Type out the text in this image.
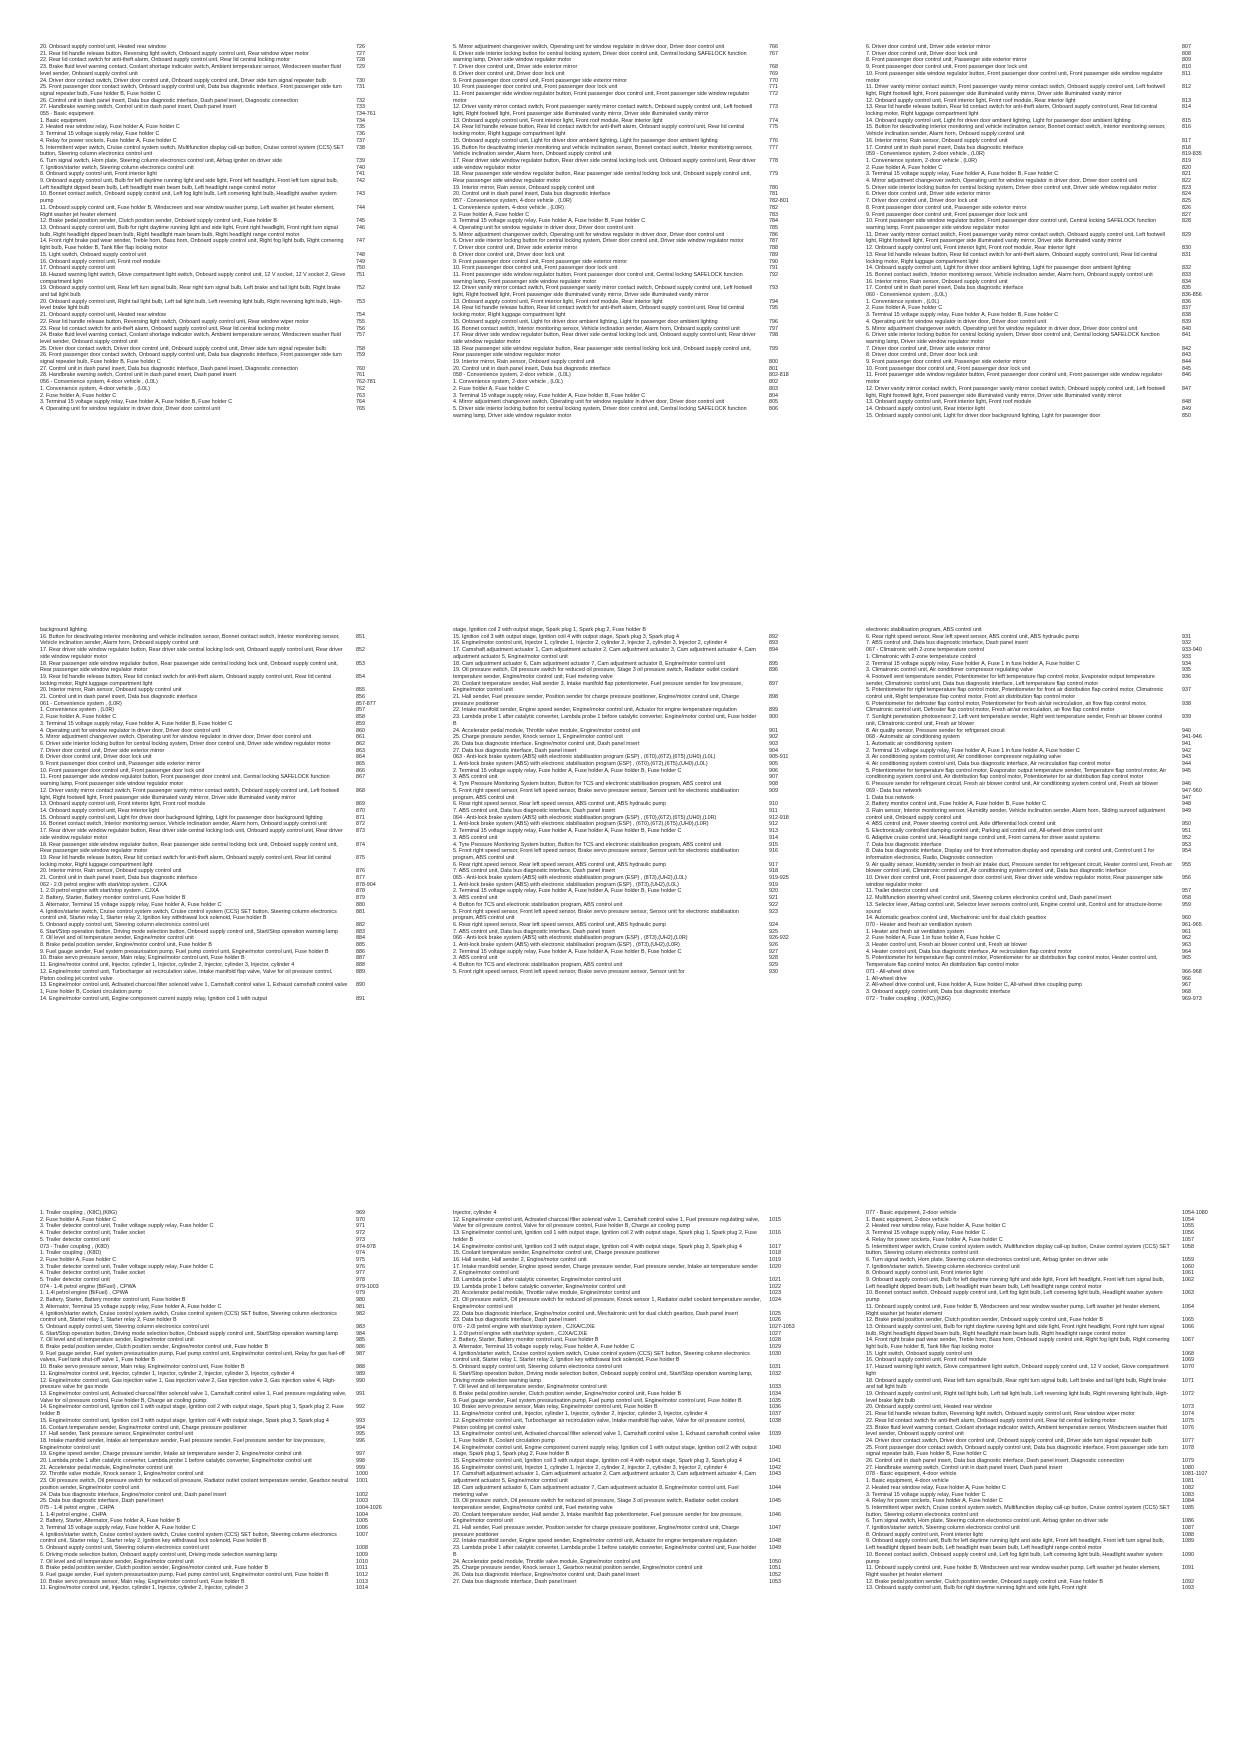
20. Onboard supply control unit, Heated rear window	726
21. Rear lid handle release button, Reversing light switch, Onboard supply control unit, Rear window wiper motor	727
22. Rear lid contact switch for anti-theft alarm, Onboard supply control unit, Rear lid central locking motor	728
23. Brake fluid level warning contact, Coolant shortage indicator switch, Ambient temperature sensor, Windscreen washer fluid level sender, Onboard supply control unit
729
24. Driver door contact switch, Driver door control unit, Onboard supply control unit, Driver side turn signal repeater bulb	730
25. Front passenger door contact switch, Onboard supply control unit, Data bus diagnostic interface, Front passenger side turn signal repeater bulb, Fuse holder B, Fuse holder C
731
26. Control unit in dash panel insert, Data bus diagnostic interface, Dash panel insert, Diagnostic connection	732
27. Handbrake warning switch, Control unit in dash panel insert, Dash panel insert	733
055 - Basic equipment	734-761
1. Basic equipment	734
2. Heated rear window relay, Fuse holder A, Fuse holder C	735
3. Terminal 15 voltage supply relay, Fuse holder C	736
4. Relay for power sockets, Fuse holder A, Fuse holder C	737
5. Intermittent wiper switch, Cruise control system switch, Multifunction display call-up button, Cruise control system (CCS) SET button, Steering column electronics control unit
738
6. Turn signal switch, Horn plate, Steering column electronics control unit, Airbag igniter on driver side	739
7. Ignition/starter switch, Steering column electronics control unit	740
8. Onboard supply control unit, Front interior light	741
9. Onboard supply control unit, Bulb for left daytime running light and side light, Front left headlight, Front left turn signal bulb, Left headlight dipped beam bulb, Left headlight main beam bulb, Left headlight range control motor
742
10. Bonnet contact switch, Onboard supply control unit, Left fog light bulb, Left cornering light bulb, Headlight washer system pump
743
11. Onboard supply control unit, Fuse holder B, Windscreen and rear window washer pump, Left washer jet heater element, Right washer jet heater element
744
12. Brake pedal position sender, Clutch position sender, Onboard supply control unit, Fuse holder B	745
13. Onboard supply control unit, Bulb for right daytime running light and side light, Front right headlight, Front right turn signal bulb, Right headlight dipped beam bulb, Right headlight main beam bulb, Right headlight range control motor
746
14. Front right brake pad wear sender, Treble horn, Bass horn, Onboard supply control unit, Right fog light bulb, Right cornering light bulb, Fuse holder B, Tank filler flap locking motor
747
15. Light switch, Onboard supply control unit	748
16. Onboard supply control unit, Front roof module	749
17. Onboard supply control unit	750
18. Hazard warning light switch, Glove compartment light switch, Onboard supply control unit, 12 V socket, 12 V socket 2, Glove compartment light
751
19. Onboard supply control unit, Rear left turn signal bulb, Rear right turn signal bulb, Left brake and tail light bulb, Right brake and tail light bulb
752
20. Onboard supply control unit, Right tail light bulb, Left tail light bulb, Left reversing light bulb, Right reversing light bulb, High-level brake light bulb
753
21. Onboard supply control unit, Heated rear window	754
22. Rear lid handle release button, Reversing light switch, Onboard supply control unit, Rear window wiper motor	755
23. Rear lid contact switch for anti-theft alarm, Onboard supply control unit, Rear lid central locking motor	756
24. Brake fluid level warning contact, Coolant shortage indicator switch, Ambient temperature sensor, Windscreen washer fluid level sender, Onboard supply control unit
757
25. Driver door contact switch, Driver door control unit, Onboard supply control unit, Driver side turn signal repeater bulb	758
26. Front passenger door contact switch, Onboard supply control unit, Data bus diagnostic interface, Front passenger side turn signal repeater bulb, Fuse holder B, Fuse holder C
759
27. Control unit in dash panel insert, Data bus diagnostic interface, Dash panel insert, Diagnostic connection	760
28. Handbrake warning switch, Control unit in dash panel insert, Dash panel insert	761
056 - Convenience system, 4-door vehicle , (L0L)	762-781
1. Convenience system, 4-door vehicle , (L0L)	762
2. Fuse holder A, Fuse holder C	763
3. Terminal 15 voltage supply relay, Fuse holder A, Fuse holder B, Fuse holder C	764
4. Operating unit for window regulator in driver door, Driver door control unit	765
5. Mirror adjustment changeover switch, Operating unit for window regulator in driver door, Driver door control unit	766
6. Driver side interior locking button for central locking system, Driver door control unit, Central locking SAFELOCK function warning lamp, Driver side window regulator motor
767
7. Driver door control unit, Driver side exterior mirror	768
8. Driver door control unit, Driver door lock unit	769
9. Front passenger door control unit, Front passenger side exterior mirror	770
10. Front passenger door control unit, Front passenger door lock unit	771
11. Front passenger side window regulator button, Front passenger door control unit, Front passenger side window regulator motor
772
12. Driver vanity mirror contact switch, Front passenger vanity mirror contact switch, Onboard supply control unit, Left footwell light, Right footwell light, Front passenger side illuminated vanity mirror, Driver side illuminated vanity mirror
773
13. Onboard supply control unit, Front interior light, Front roof module, Rear interior light	774
14. Rear lid handle release button, Rear lid contact switch for anti-theft alarm, Onboard supply control unit, Rear lid central locking motor, Right luggage compartment light
775
15. Onboard supply control unit, Light for driver door ambient lighting, Light for passenger door ambient lighting	776
16. Button for deactivating interior monitoring and vehicle inclination sensor, Bonnet contact switch, Interior monitoring sensor, Vehicle inclination sender, Alarm horn, Onboard supply control unit
777
17. Rear driver side window regulator button, Rear driver side central locking lock unit, Onboard supply control unit, Rear driver side window regulator motor
778
18. Rear passenger side window regulator button, Rear passenger side central locking lock unit, Onboard supply control unit, Rear passenger side window regulator motor
779
19. Interior mirror, Rain sensor, Onboard supply control unit	780
20. Control unit in dash panel insert, Data bus diagnostic interface	781
057 - Convenience system, 4-door vehicle , (L0R)	782-801
1. Convenience system, 4-door vehicle , (L0R)	782
2. Fuse holder A, Fuse holder C	783
3. Terminal 15 voltage supply relay, Fuse holder A, Fuse holder B, Fuse holder C	784
4. Operating unit for window regulator in driver door, Driver door control unit	785
5. Mirror adjustment changeover switch, Operating unit for window regulator in driver door, Driver door control unit	786
6. Driver side interior locking button for central locking system, Driver door control unit, Driver side window regulator motor	787
7. Driver door control unit, Driver side exterior mirror	788
8. Driver door control unit, Driver door lock unit	789
9. Front passenger door control unit, Front passenger side exterior mirror	790
10. Front passenger door control unit, Front passenger door lock unit	791
11. Front passenger side window regulator button, Front passenger door control unit, Central locking SAFELOCK function warning lamp, Front passenger side window regulator motor
792
12. Driver vanity mirror contact switch, Front passenger vanity mirror contact switch, Onboard supply control unit, Left footwell light, Right footwell light, Front passenger side illuminated vanity mirror, Driver side illuminated vanity mirror
793
13. Onboard supply control unit, Front interior light, Front roof module, Rear interior light	794
14. Rear lid handle release button, Rear lid contact switch for anti-theft alarm, Onboard supply control unit, Rear lid central locking motor, Right luggage compartment light
795
15. Onboard supply control unit, Light for driver door ambient lighting, Light for passenger door ambient lighting	796
16. Bonnet contact switch, Interior monitoring sensor, Vehicle inclination sender, Alarm horn, Onboard supply control unit	797
17. Rear driver side window regulator button, Rear driver side central locking lock unit, Onboard supply control unit, Rear driver side window regulator motor
798
18. Rear passenger side window regulator button, Rear passenger side central locking lock unit, Onboard supply control unit, Rear passenger side window regulator motor
799
19. Interior mirror, Rain sensor, Onboard supply control unit	800
20. Control unit in dash panel insert, Data bus diagnostic interface	801
058 - Convenience system, 2-door vehicle , (L0L)	802-818
1. Convenience system, 2-door vehicle , (L0L)	802
2. Fuse holder A, Fuse holder C	803
3. Terminal 15 voltage supply relay, Fuse holder A, Fuse holder B, Fuse holder C	804
4. Mirror adjustment changeover switch, Operating unit for window regulator in driver door, Driver door control unit	805
5. Driver side interior locking button for central locking system, Driver door control unit, Central locking SAFELOCK function warning lamp, Driver side window regulator motor
806
6. Driver door control unit, Driver side exterior mirror	807
7. Driver door control unit, Driver door lock unit	808
8. Front passenger door control unit, Passenger side exterior mirror	809
9. Front passenger door control unit, Front passenger door lock unit	810
10. Front passenger side window regulator button, Front passenger door control unit, Front passenger side window regulator motor
811
11. Driver vanity mirror contact switch, Front passenger vanity mirror contact switch, Onboard supply control unit, Left footwell light, Right footwell light, Front passenger side illuminated vanity mirror, Driver side illuminated vanity mirror
812
12. Onboard supply control unit, Front interior light, Front roof module, Rear interior light	813
13. Rear lid handle release button, Rear lid contact switch for anti-theft alarm, Onboard supply control unit, Rear lid central locking motor, Right luggage compartment light
814
14. Onboard supply control unit, Light for driver door ambient lighting, Light for passenger door ambient lighting	815
15. Button for deactivating interior monitoring and vehicle inclination sensor, Bonnet contact switch, Interior monitoring sensor, Vehicle inclination sender, Alarm horn, Onboard supply control unit
816
16. Interior mirror, Rain sensor, Onboard supply control unit	817
17. Control unit in dash panel insert, Data bus diagnostic interface	818
059 - Convenience system, 2-door vehicle , (L0R)	819-835
1. Convenience system, 2-door vehicle , (L0R)	819
2. Fuse holder A, Fuse holder C	820
3. Terminal 15 voltage supply relay, Fuse holder A, Fuse holder B, Fuse holder C	821
4. Mirror adjustment changeover switch, Operating unit for window regulator in driver door, Driver door control unit	822
5. Driver side interior locking button for central locking system, Driver door control unit, Driver side window regulator motor	823
6. Driver door control unit, Driver side exterior mirror	824
7. Driver door control unit, Driver door lock unit	825
8. Front passenger door control unit, Passenger side exterior mirror	826
9. Front passenger door control unit, Front passenger door lock unit	827
10. Front passenger side window regulator button, Front passenger door control unit, Central locking SAFELOCK function warning lamp, Front passenger side window regulator motor
828
11. Driver vanity mirror contact switch, Front passenger vanity mirror contact switch, Onboard supply control unit, Left footwell light, Right footwell light, Front passenger side illuminated vanity mirror, Driver side illuminated vanity mirror
829
12. Onboard supply control unit, Front interior light, Front roof module, Rear interior light	830
13. Rear lid handle release button, Rear lid contact switch for anti-theft alarm, Onboard supply control unit, Rear lid central locking motor, Right luggage compartment light
831
14. Onboard supply control unit, Light for driver door ambient lighting, Light for passenger door ambient lighting	832
15. Bonnet contact switch, Interior monitoring sensor, Vehicle inclination sender, Alarm horn, Onboard supply control unit	833
16. Interior mirror, Rain sensor, Onboard supply control unit	834
17. Control unit in dash panel insert, Data bus diagnostic interface	835
060 - Convenience system , (L0L)	836-856
1. Convenience system , (L0L)	836
2. Fuse holder A, Fuse holder C	837
3. Terminal 15 voltage supply relay, Fuse holder A, Fuse holder B, Fuse holder C	838
4. Operating unit for window regulator in driver door, Driver door control unit	839
5. Mirror adjustment changeover switch, Operating unit for window regulator in driver door, Driver door control unit	840
6. Driver side interior locking button for central locking system, Driver door control unit, Central locking SAFELOCK function warning lamp, Driver side window regulator motor
841
7. Driver door control unit, Driver side exterior mirror	842
8. Driver door control unit, Driver door lock unit	843
9. Front passenger door control unit, Passenger side exterior mirror	844
10. Front passenger door control unit, Front passenger door lock unit	845
11. Front passenger side window regulator button, Front passenger door control unit, Front passenger side window regulator motor
846
12. Driver vanity mirror contact switch, Front passenger vanity mirror contact switch, Onboard supply control unit, Left footwell light, Right footwell light, Front passenger side illuminated vanity mirror, Driver side illuminated vanity mirror
847
13. Onboard supply control unit, Front interior light, Front roof module	848
14. Onboard supply control unit, Rear interior light	849
15. Onboard supply control unit, Light for driver door background lighting, Light for passenger door	850
background lighting
16. Button for deactivating interior monitoring and vehicle inclination sensor, Bonnet contact switch, Interior monitoring sensor, Vehicle inclination sender, Alarm horn, Onboard supply control unit
851
17. Rear driver side window regulator button, Rear driver side central locking lock unit, Onboard supply control unit, Rear driver side window regulator motor
852
18. Rear passenger side window regulator button, Rear passenger side central locking lock unit, Onboard supply control unit, Rear passenger side window regulator motor
853
19. Rear lid handle release button, Rear lid contact switch for anti-theft alarm, Onboard supply control unit, Rear lid central locking motor, Right luggage compartment light
854
20. Interior mirror, Rain sensor, Onboard supply control unit	855
21. Control unit in dash panel insert, Data bus diagnostic interface	856
061 - Convenience system , (L0R)	857-877
1. Convenience system , (L0R)	857
2. Fuse holder A, Fuse holder C	858
3. Terminal 15 voltage supply relay, Fuse holder A, Fuse holder B, Fuse holder C	859
4. Operating unit for window regulator in driver door, Driver door control unit	860
5. Mirror adjustment changeover switch, Operating unit for window regulator in driver door, Driver door control unit	861
6. Driver side interior locking button for central locking system, Driver door control unit, Driver side window regulator motor	862
7. Driver door control unit, Driver side exterior mirror	863
8. Driver door control unit, Driver door lock unit	864
9. Front passenger door control unit, Passenger side exterior mirror	865
10. Front passenger door control unit, Front passenger door lock unit	866
11. Front passenger side window regulator button, Front passenger door control unit, Central locking SAFELOCK function warning lamp, Front passenger side window regulator motor
867
12. Driver vanity mirror contact switch, Front passenger vanity mirror contact switch, Onboard supply control unit, Left footwell light, Right footwell light, Front passenger side illuminated vanity mirror, Driver side illuminated vanity mirror
868
13. Onboard supply control unit, Front interior light, Front roof module	869
14. Onboard supply control unit, Rear interior light	870
15. Onboard supply control unit, Light for driver door background lighting, Light for passenger door background lighting	871
16. Bonnet contact switch, Interior monitoring sensor, Vehicle inclination sender, Alarm horn, Onboard supply control unit	872
17. Rear driver side window regulator button, Rear driver side central locking lock unit, Onboard supply control unit, Rear driver side window regulator motor
873
18. Rear passenger side window regulator button, Rear passenger side central locking lock unit, Onboard supply control unit, Rear passenger side window regulator motor
874
19. Rear lid handle release button, Rear lid contact switch for anti-theft alarm, Onboard supply control unit, Rear lid central locking motor, Right luggage compartment light
875
20. Interior mirror, Rain sensor, Onboard supply control unit	876
21. Control unit in dash panel insert, Data bus diagnostic interface	877
062 - 2.0l petrol engine with start/stop system , CJXA	878-904
1. 2.0l petrol engine with start/stop system , CJXA	878
2. Battery, Starter, Battery monitor control unit, Fuse holder B	879
3. Alternator, Terminal 15 voltage supply relay, Fuse holder A, Fuse holder C	880
4. Ignition/starter switch, Cruise control system switch, Cruise control system (CCS) SET button, Steering column electronics control unit, Starter relay 1, Starter relay 2, Ignition key withdrawal lock solenoid, Fuse holder B
881
5. Onboard supply control unit, Steering column electronics control unit	882
6. Start/Stop operation button, Driving mode selection button, Onboard supply control unit, Start/Stop operation warning lamp	883
7. Oil level and oil temperature sender, Engine/motor control unit	884
8. Brake pedal position sender, Engine/motor control unit, Fuse holder B	885
9. Fuel gauge sender, Fuel system pressurisation pump, Fuel pump control unit, Engine/motor control unit, Fuse holder B	886
10. Brake servo pressure sensor, Main relay, Engine/motor control unit, Fuse holder B	887
11. Engine/motor control unit, Injector, cylinder 1, Injector, cylinder 2, Injector, cylinder 3, Injector, cylinder 4	888
12. Engine/motor control unit, Turbocharger air recirculation valve, Intake manifold flap valve, Valve for oil pressure control, Piston cooling jet control valve
889
13. Engine/motor control unit, Activated charcoal filter solenoid valve 1, Camshaft control valve 1, Exhaust camshaft control valve 1, Fuse holder B, Coolant circulation pump
890
14. Engine/motor control unit, Engine component current supply relay, Ignition coil 1 with output	891
stage, Ignition coil 2 with output stage, Spark plug 1, Spark plug 2, Fuse holder B
15. Ignition coil 3 with output stage, Ignition coil 4 with output stage, Spark plug 3, Spark plug 4	892
16. Engine/motor control unit, Injector 1, cylinder 1, Injector 2, cylinder 2, Injector 2, cylinder 3, Injector 2, cylinder 4	893
17. Camshaft adjustment actuator 1, Cam adjustment actuator 2, Cam adjustment actuator 3, Cam adjustment actuator 4, Cam adjustment actuator 5, Engine/motor control unit
894
18. Cam adjustment actuator 6, Cam adjustment actuator 7, Cam adjustment actuator 8, Engine/motor control unit	895
19. Oil pressure switch, Oil pressure switch for reduced oil pressure, Stage 3 oil pressure switch, Radiator outlet coolant temperature sender, Engine/motor control unit, Fuel metering valve
896
20. Coolant temperature sender, Hall sender 3, Intake manifold flap potentiometer, Fuel pressure sender for low pressure, Engine/motor control unit
897
21. Hall sender, Fuel pressure sender, Position sender for charge pressure positioner, Engine/motor control unit, Charge pressure positioner
898
22. Intake manifold sender, Engine speed sender, Engine/motor control unit, Actuator for engine temperature regulation	899
23. Lambda probe 1 after catalytic converter, Lambda probe 1 before catalytic converter, Engine/motor control unit, Fuse holder B
900
24. Accelerator pedal module, Throttle valve module, Engine/motor control unit	901
25. Charge pressure sender, Knock sensor 1, Engine/motor control unit	902
26. Data bus diagnostic interface, Engine/motor control unit, Dash panel insert	903
27. Data bus diagnostic interface, Dash panel insert	904
063 - Anti-lock brake system (ABS) with electronic stabilisation program (ESP) , (6T0),(6T2),(6T5),(UH0),(L0L)	905-911
1. Anti-lock brake system (ABS) with electronic stabilisation program (ESP) , (6T0),(6T2),(6T5),(UH0),(L0L)	905
2. Terminal 15 voltage supply relay, Fuse holder A, Fuse holder A, Fuse holder B, Fuse holder C	906
3. ABS control unit	907
4. Tyre Pressure Monitoring System button, Button for TCS and electronic stabilisation program, ABS control unit	908
5. Front right speed sensor, Front left speed sensor, Brake servo pressure sensor, Sensor unit for electronic stabilisation program, ABS control unit
909
6. Rear right speed sensor, Rear left speed sensor, ABS control unit, ABS hydraulic pump	910
7. ABS control unit, Data bus diagnostic interface, Dash panel insert	911
064 - Anti-lock brake system (ABS) with electronic stabilisation program (ESP) , (6T0),(6T2),(6T5),(UH0),(L0R)	912-918
1. Anti-lock brake system (ABS) with electronic stabilisation program (ESP) , (6T0),(6T2),(6T5),(UH0),(L0R)	912
2. Terminal 15 voltage supply relay, Fuse holder A, Fuse holder A, Fuse holder B, Fuse holder C	913
3. ABS control unit	914
4. Tyre Pressure Monitoring System button, Button for TCS and electronic stabilisation program, ABS control unit	915
5. Front right speed sensor, Front left speed sensor, Brake servo pressure sensor, Sensor unit for electronic stabilisation program, ABS control unit
916
6. Rear right speed sensor, Rear left speed sensor, ABS control unit, ABS hydraulic pump	917
7. ABS control unit, Data bus diagnostic interface, Dash panel insert	918
065 - Anti-lock brake system (ABS) with electronic stabilisation program (ESP) , (8T3),(UH2),(L0L)	919-925
1. Anti-lock brake system (ABS) with electronic stabilisation program (ESP) , (8T3),(UH2),(L0L)	919
2. Terminal 15 voltage supply relay, Fuse holder A, Fuse holder A, Fuse holder B, Fuse holder C	920
3. ABS control unit	921
4. Button for TCS and electronic stabilisation program, ABS control unit	922
5. Front right speed sensor, Front left speed sensor, Brake servo pressure sensor, Sensor unit for electronic stabilisation program, ABS control unit
923
6. Rear right speed sensor, Rear left speed sensor, ABS control unit, ABS hydraulic pump	924
7. ABS control unit, Data bus diagnostic interface, Dash panel insert	925
066 - Anti-lock brake system (ABS) with electronic stabilisation program (ESP) , (8T3),(UH2),(L0R)	926-932
1. Anti-lock brake system (ABS) with electronic stabilisation program (ESP) , (8T3),(UH2),(L0R)	926
2. Terminal 15 voltage supply relay, Fuse holder A, Fuse holder A, Fuse holder B, Fuse holder C	927
3. ABS control unit	928
4. Button for TCS and electronic stabilisation program, ABS control unit	929
5. Front right speed sensor, Front left speed sensor, Brake servo pressure sensor, Sensor unit for	930
electronic stabilisation program, ABS control unit
6. Rear right speed sensor, Rear left speed sensor, ABS control unit, ABS hydraulic pump	931
7. ABS control unit, Data bus diagnostic interface, Dash panel insert	932
067 - Climatronic with 2-zone temperature control	933-940
1. Climatronic with 2-zone temperature control	933
2. Terminal 15 voltage supply relay, Fuse holder A, Fuse 1 in fuse holder A, Fuse holder C	934
3. Climatronic control unit, Air conditioner compressor regulating valve	935
4. Footwell vent temperature sender, Potentiometer for left temperature flap control motor, Evaporator output temperature sender, Climatronic control unit, Data bus diagnostic interface, Left temperature flap control motor
936
5. Potentiometer for right temperature flap control motor, Potentiometer for front air distribution flap control motor, Climatronic control unit, Right temperature flap control motor, Front air distribution flap control motor
937
6. Potentiometer for defroster flap control motor, Potentiometer for fresh air/air recirculation, air flow flap control motor, Climatronic control unit, Defroster flap control motor, Fresh air/air recirculation, air flow flap control motor
938
7. Sunlight penetration photosensor 2, Left vent temperature sender, Right vent temperature sender, Fresh air blower control unit, Climatronic control unit, Fresh air blower
939
8. Air quality sensor, Pressure sender for refrigerant circuit	940
068 - Automatic air conditioning system	941-946
1. Automatic air conditioning system	941
2. Terminal 15 voltage supply relay, Fuse holder A, Fuse 1 in fuse holder A, Fuse holder C	942
3. Air conditioning system control unit, Air conditioner compressor regulating valve	943
4. Air conditioning system control unit, Data bus diagnostic interface, Air recirculation flap control motor	944
5. Potentiometer for temperature flap control motor, Evaporator output temperature sender, Temperature flap control motor, Air conditioning system control unit, Air distribution flap control motor, Potentiometer for air distribution flap control motor
945
6. Pressure sender for refrigerant circuit, Fresh air blower control unit, Air conditioning system control unit, Fresh air blower	946
069 - Data bus network	947-960
1. Data bus network	947
2. Battery monitor control unit, Fuse holder A, Fuse holder B, Fuse holder C	948
3. Rain sensor, Interior monitoring sensor, Humidity sender, Vehicle inclination sender, Alarm horn, Sliding sunroof adjustment control unit, Onboard supply control unit
949
4. ABS control unit, Power steering control unit, Axle differential lock control unit	950
5. Electronically controlled damping control unit, Parking aid control unit, All-wheel drive control unit	951
6. Adaptive cruise control unit, Headlight range control unit, Front camera for driver assist systems	952
7. Data bus diagnostic interface	953
8. Data bus diagnostic interface, Display unit for front information display and operating unit control unit, Control unit 1 for information electronics, Radio, Diagnostic connection
954
9. Air quality sensor, Humidity sender in fresh air intake duct, Pressure sender for refrigerant circuit, Heater control unit, Fresh air blower control unit, Climatronic control unit, Air conditioning system control unit, Data bus diagnostic interface
955
10. Driver door control unit, Front passenger door control unit, Rear driver side window regulator motor, Rear passenger side window regulator motor
956
11. Trailer detector control unit	957
12. Multifunction steering wheel control unit, Steering column electronics control unit, Dash panel insert	958
13. Selector lever, Airbag control unit, Selector lever sensors control unit, Engine control unit, Control unit for structure-borne sound
959
14. Automatic gearbox control unit, Mechatronic unit for dual clutch gearbox	960
070 - Heater and fresh air ventilation system	961-965
1. Heater and fresh air ventilation system	961
2. Fuse holder A, Fuse 1 in fuse holder A, Fuse holder C	962
3. Heater control unit, Fresh air blower control unit, Fresh air blower	963
4. Heater control unit, Data bus diagnostic interface, Air recirculation flap control motor	964
5. Potentiometer for temperature flap control motor, Potentiometer for air distribution flap control motor, Heater control unit, Temperature flap control motor, Air distribution flap control motor
965
071 - All-wheel drive	966-968
1. All-wheel drive	966
2. All-wheel drive control unit, Fuse holder A, Fuse holder C, All-wheel drive coupling pump	967
3. Onboard supply control unit, Data bus diagnostic interface	968
072 - Trailer coupling , (K8C),(K8G)	969-973
1. Trailer coupling , (K8C),(K8G)	969
2. Fuse holder A, Fuse holder C	970
3. Trailer detector control unit, Trailer voltage supply relay, Fuse holder C	971
4. Trailer detector control unit, Trailer socket	972
5. Trailer detector control unit	973
073 - Trailer coupling , (K8D)	974-978
1. Trailer coupling , (K8D)	974
2. Fuse holder A, Fuse holder C	975
3. Trailer detector control unit, Trailer voltage supply relay, Fuse holder C	976
4. Trailer detector control unit, Trailer socket	977
5. Trailer detector control unit	978
074 - 1.4l petrol engine (BiFuel) , CPWA	979-1003
1. 1.4l petrol engine (BiFuel) , CPWA	979
2. Battery, Starter, Battery monitor control unit, Fuse holder B	980
3. Alternator, Terminal 15 voltage supply relay, Fuse holder A, Fuse holder C	981
4. Ignition/starter switch, Cruise control system switch, Cruise control system (CCS) SET button, Steering column electronics control unit, Starter relay 1, Starter relay 2, Fuse holder B
982
5. Onboard supply control unit, Steering column electronics control unit	983
6. Start/Stop operation button, Driving mode selection button, Onboard supply control unit, Start/Stop operation warning lamp	984
7. Oil level and oil temperature sender, Engine/motor control unit	985
8. Brake pedal position sender, Clutch position sender, Engine/motor control unit, Fuse holder B	986
9. Fuel gauge sender, Fuel system pressurisation pump, Fuel pump control unit, Engine/motor control unit, Relay for gas fuel-off valves, Fuel tank shut-off valve 1, Fuse holder B
987
10. Brake servo pressure sensor, Main relay, Engine/motor control unit, Fuse holder B	988
11. Engine/motor control unit, Injector, cylinder 1, Injector, cylinder 2, Injector, cylinder 3, Injector, cylinder 4	989
12. Engine/motor control unit, Gas injection valve 1, Gas injection valve 2, Gas injection valve 3, Gas injection valve 4, High-pressure valve for gas mode
990
13. Engine/motor control unit, Activated charcoal filter solenoid valve 1, Camshaft control valve 1, Fuel pressure regulating valve, Valve for oil pressure control, Fuse holder B, Charge air cooling pump
991
14. Engine/motor control unit, Ignition coil 1 with output stage, Ignition coil 2 with output stage, Spark plug 1, Spark plug 2, Fuse holder B
992
15. Engine/motor control unit, Ignition coil 3 with output stage, Ignition coil 4 with output stage, Spark plug 3, Spark plug 4	993
16. Coolant temperature sender, Engine/motor control unit, Charge pressure positioner	994
17. Hall sender, Tank pressure sensor, Engine/motor control unit	995
18. Intake manifold sender, Intake air temperature sender, Fuel pressure sender, Fuel pressure sender for low pressure, Engine/motor control unit
996
19. Engine speed sender, Charge pressure sender, Intake air temperature sender 2, Engine/motor control unit	997
20. Lambda probe 1 after catalytic converter, Lambda probe 1 before catalytic converter, Engine/motor control unit	998
21. Accelerator pedal module, Engine/motor control unit	999
22. Throttle valve module, Knock sensor 1, Engine/motor control unit	1000
23. Oil pressure switch, Oil pressure switch for reduced oil pressure, Radiator outlet coolant temperature sender, Gearbox neutral position sender, Engine/motor control unit
1001
24. Data bus diagnostic interface, Engine/motor control unit, Dash panel insert	1002
25. Data bus diagnostic interface, Dash panel insert	1003
075 - 1.4l petrol engine , CHPA	1004-1026
1. 1.4l petrol engine , CHPA	1004
2. Battery, Starter, Alternator, Fuse holder A, Fuse holder B	1005
3. Terminal 15 voltage supply relay, Fuse holder A, Fuse holder C	1006
4. Ignition/starter switch, Cruise control system switch, Cruise control system (CCS) SET button, Steering column electronics control unit, Starter relay 1, Starter relay 2, Ignition key withdrawal lock solenoid, Fuse holder B
1007
5. Onboard supply control unit, Steering column electronics control unit	1008
6. Driving mode selection button, Onboard supply control unit, Driving mode selection warning lamp	1009
7. Oil level and oil temperature sender, Engine/motor control unit	1010
8. Brake pedal position sender, Clutch position sender, Engine/motor control unit, Fuse holder B	1011
9. Fuel gauge sender, Fuel system pressurisation pump, Fuel pump control unit, Engine/motor control unit, Fuse holder B	1012
10. Brake servo pressure sensor, Main relay, Engine/motor control unit, Fuse holder B	1013
11. Engine/motor control unit, Injector, cylinder 1, Injector, cylinder 2, Injector, cylinder 3	1014
Injector, cylinder 4
12. Engine/motor control unit, Activated charcoal filter solenoid valve 1, Camshaft control valve 1, Fuel pressure regulating valve, Valve for oil pressure control, Valve for oil pressure control, Fuse holder B, Charge air cooling pump
1015
13. Engine/motor control unit, Ignition coil 1 with output stage, Ignition coil 2 with output stage, Spark plug 1, Spark plug 2, Fuse holder B
1016
14. Engine/motor control unit, Ignition coil 3 with output stage, Ignition coil 4 with output stage, Spark plug 3, Spark plug 4	1017
15. Coolant temperature sender, Engine/motor control unit, Charge pressure positioner	1018
16. Hall sender, Hall sender 2, Engine/motor control unit	1019
17. Intake manifold sender, Engine speed sender, Charge pressure sender, Fuel pressure sender, Intake air temperature sender 2, Engine/motor control unit
1020
18. Lambda probe 1 after catalytic converter, Engine/motor control unit	1021
19. Lambda probe 1 before catalytic converter, Engine/motor control unit	1022
20. Accelerator pedal module, Throttle valve module, Engine/motor control unit	1023
21. Oil pressure switch, Oil pressure switch for reduced oil pressure, Knock sensor 1, Radiator outlet coolant temperature sender, Engine/motor control unit
1024
22. Data bus diagnostic interface, Engine/motor control unit, Mechatronic unit for dual clutch gearbox, Dash panel insert	1025
23. Data bus diagnostic interface, Dash panel insert	1026
076 - 2.0l petrol engine with start/stop system , CJXA/CJXE	1027-1053
1. 2.0l petrol engine with start/stop system , CJXA/CJXE	1027
2. Battery, Starter, Battery monitor control unit, Fuse holder B	1028
3. Alternator, Terminal 15 voltage supply relay, Fuse holder A, Fuse holder C	1029
4. Ignition/starter switch, Cruise control system switch, Cruise control system (CCS) SET button, Steering column electronics control unit, Starter relay 1, Starter relay 2, Ignition key withdrawal lock solenoid, Fuse holder B
1030
5. Onboard supply control unit, Steering column electronics control unit	1031
6. Start/Stop operation button, Driving mode selection button, Onboard supply control unit, Start/Stop operation warning lamp, Driving mode selection warning lamp
1032
7. Oil level and oil temperature sender, Engine/motor control unit	1033
8. Brake pedal position sender, Clutch position sender, Engine/motor control unit, Fuse holder B	1034
9. Fuel gauge sender, Fuel system pressurisation pump, Fuel pump control unit, Engine/motor control unit, Fuse holder B	1035
10. Brake servo pressure sensor, Main relay, Engine/motor control unit, Fuse holder B	1036
11. Engine/motor control unit, Injector, cylinder 1, Injector, cylinder 2, Injector, cylinder 3, Injector, cylinder 4	1037
12. Engine/motor control unit, Turbocharger air recirculation valve, Intake manifold flap valve, Valve for oil pressure control, Piston cooling jet control valve
1038
13. Engine/motor control unit, Activated charcoal filter solenoid valve 1, Camshaft control valve 1, Exhaust camshaft control valve 1, Fuse holder B, Coolant circulation pump
1039
14. Engine/motor control unit, Engine component current supply relay, Ignition coil 1 with output stage, Ignition coil 2 with output stage, Spark plug 1, Spark plug 2, Fuse holder B
1040
15. Engine/motor control unit, Ignition coil 3 with output stage, Ignition coil 4 with output stage, Spark plug 3, Spark plug 4	1041
16. Engine/motor control unit, Injector 1, cylinder 1, Injector 2, cylinder 2, Injector 2, cylinder 3, Injector 2, cylinder 4	1042
17. Camshaft adjustment actuator 1, Cam adjustment actuator 2, Cam adjustment actuator 3, Cam adjustment actuator 4, Cam adjustment actuator 5, Engine/motor control unit
1043
18. Cam adjustment actuator 6, Cam adjustment actuator 7, Cam adjustment actuator 8, Engine/motor control unit, Fuel metering valve
1044
19. Oil pressure switch, Oil pressure switch for reduced oil pressure, Stage 3 oil pressure switch, Radiator outlet coolant temperature sender, Engine/motor control unit, Fuel metering valve
1045
20. Coolant temperature sender, Hall sender 3, Intake manifold flap potentiometer, Fuel pressure sender for low pressure, Engine/motor control unit
1046
21. Hall sender, Fuel pressure sender, Position sender for charge pressure positioner, Engine/motor control unit, Charge pressure positioner
1047
22. Intake manifold sender, Engine speed sender, Engine/motor control unit, Actuator for engine temperature regulation	1048
23. Lambda probe 1 after catalytic converter, Lambda probe 1 before catalytic converter, Engine/motor control unit, Fuse holder B
1049
24. Accelerator pedal module, Throttle valve module, Engine/motor control unit	1050
25. Charge pressure sender, Knock sensor 1, Gearbox neutral position sender, Engine/motor control unit	1051
26. Data bus diagnostic interface, Engine/motor control unit, Dash panel insert	1052
27. Data bus diagnostic interface, Dash panel insert	1053
077 - Basic equipment, 2-door vehicle	1054-1080
1. Basic equipment, 2-door vehicle	1054
2. Heated rear window relay, Fuse holder A, Fuse holder C	1055
3. Terminal 15 voltage supply relay, Fuse holder C	1056
4. Relay for power sockets, Fuse holder A, Fuse holder C	1057
5. Intermittent wiper switch, Cruise control system switch, Multifunction display call-up button, Cruise control system (CCS) SET button, Steering column electronics control unit
1058
6. Turn signal switch, Horn plate, Steering column electronics control unit, Airbag igniter on driver side	1059
7. Ignition/starter switch, Steering column electronics control unit	1060
8. Onboard supply control unit, Front interior light	1061
9. Onboard supply control unit, Bulb for left daytime running light and side light, Front left headlight, Front left turn signal bulb, Left headlight dipped beam bulb, Left headlight main beam bulb, Left headlight range control motor
1062
10. Bonnet contact switch, Onboard supply control unit, Left fog light bulb, Left cornering light bulb, Headlight washer system pump
1063
11. Onboard supply control unit, Fuse holder B, Windscreen and rear window washer pump, Left washer jet heater element, Right washer jet heater element
1064
12. Brake pedal position sender, Clutch position sender, Onboard supply control unit, Fuse holder B	1065
13. Onboard supply control unit, Bulb for right daytime running light and side light, Front right headlight, Front right turn signal bulb, Right headlight dipped beam bulb, Right headlight main beam bulb, Right headlight range control motor
1066
14. Front right brake pad wear sender, Treble horn, Bass horn, Onboard supply control unit, Right fog light bulb, Right cornering light bulb, Fuse holder B, Tank filler flap locking motor
1067
15. Light switch, Onboard supply control unit	1068
16. Onboard supply control unit, Front roof module	1069
17. Hazard warning light switch, Glove compartment light switch, Onboard supply control unit, 12 V socket, Glove compartment light
1070
18. Onboard supply control unit, Rear left turn signal bulb, Rear right turn signal bulb, Left brake and tail light bulb, Right brake and tail light bulb
1071
19. Onboard supply control unit, Right tail light bulb, Left tail light bulb, Left reversing light bulb, Right reversing light bulb, High-level brake light bulb
1072
20. Onboard supply control unit, Heated rear window	1073
21. Rear lid handle release button, Reversing light switch, Onboard supply control unit, Rear window wiper motor	1074
22. Rear lid contact switch for anti-theft alarm, Onboard supply control unit, Rear lid central locking motor	1075
23. Brake fluid level warning contact, Coolant shortage indicator switch, Ambient temperature sensor, Windscreen washer fluid level sender, Onboard supply control unit
1076
24. Driver door contact switch, Driver door control unit, Onboard supply control unit, Driver side turn signal repeater bulb	1077
25. Front passenger door contact switch, Onboard supply control unit, Data bus diagnostic interface, Front passenger side turn signal repeater bulb, Fuse holder B, Fuse holder C
1078
26. Control unit in dash panel insert, Data bus diagnostic interface, Dash panel insert, Diagnostic connection	1079
27. Handbrake warning switch, Control unit in dash panel insert, Dash panel insert	1080
078 - Basic equipment, 4-door vehicle	1081-1107
1. Basic equipment, 4-door vehicle	1081
2. Heated rear window relay, Fuse holder A, Fuse holder C	1082
3. Terminal 15 voltage supply relay, Fuse holder C	1083
4. Relay for power sockets, Fuse holder A, Fuse holder C	1084
5. Intermittent wiper switch, Cruise control system switch, Multifunction display call-up button, Cruise control system (CCS) SET button, Steering column electronics control unit
1085
6. Turn signal switch, Horn plate, Steering column electronics control unit, Airbag igniter on driver side	1086
7. Ignition/starter switch, Steering column electronics control unit	1087
8. Onboard supply control unit, Front interior light	1088
9. Onboard supply control unit, Bulb for left daytime running light and side light, Front left headlight, Front left turn signal bulb, Left headlight dipped beam bulb, Left headlight main beam bulb, Left headlight range control motor
1089
10. Bonnet contact switch, Onboard supply control unit, Left fog light bulb, Left cornering light bulb, Headlight washer system pump
1090
11. Onboard supply control unit, Fuse holder B, Windscreen and rear window washer pump, Left washer jet heater element, Right washer jet heater element
1091
12. Brake pedal position sender, Clutch position sender, Onboard supply control unit, Fuse holder B	1092
13. Onboard supply control unit, Bulb for right daytime running light and side light, Front right	1093
